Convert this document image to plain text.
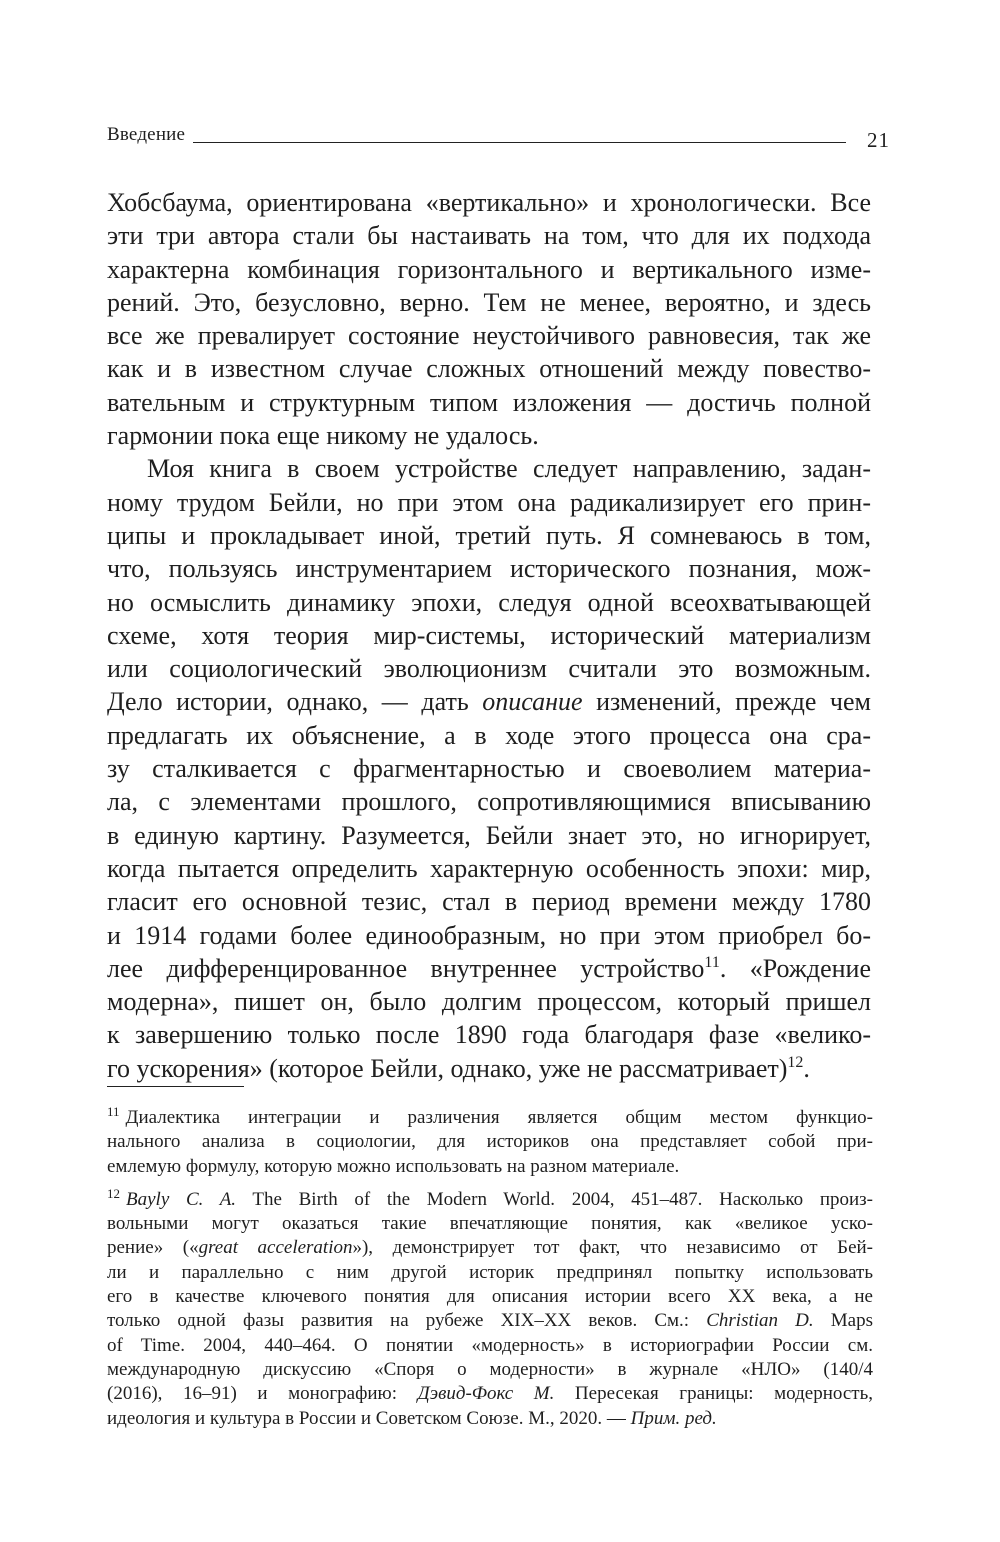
Введение	21

Хобсбаума, ориентирована «вертикально» и хронологически. Все
эти три автора стали бы настаивать на том, что для их подхода
характерна комбинация горизонтального и вертикального изме-
рений. Это, безусловно, верно. Тем не менее, вероятно, и здесь
все же превалирует состояние неустойчивого равновесия, так же
как и в известном случае сложных отношений между повество-
вательным и структурным типом изложения — достичь полной
гармонии пока еще никому не удалось.

Моя книга в своем устройстве следует направлению, задан-
ному трудом Бейли, но при этом она радикализирует его прин-
ципы и прокладывает иной, третий путь. Я сомневаюсь в том,
что, пользуясь инструментарием исторического познания, мож-
но осмыслить динамику эпохи, следуя одной всеохватывающей
схеме, хотя теория мир-системы, исторический материализм
или социологический эволюционизм считали это возможным.
Дело истории, однако, — дать описание изменений, прежде чем
предлагать их объяснение, а в ходе этого процесса она сра-
зу сталкивается с фрагментарностью и своеволием материа-
ла, с элементами прошлого, сопротивляющимися вписыванию
в единую картину. Разумеется, Бейли знает это, но игнорирует,
когда пытается определить характерную особенность эпохи: мир,
гласит его основной тезис, стал в период времени между 1780
и 1914 годами более единообразным, но при этом приобрел бо-
лее дифференцированное внутреннее устройство$^{11}$. «Рождение
модерна», пишет он, было долгим процессом, который пришел
к завершению только после 1890 года благодаря фазе «велико-
го ускорения» (которое Бейли, однако, уже не рассматривает)$^{12}$.

$^{11}$ Диалектика интеграции и различения является общим местом функцио-
нального анализа в социологии, для историков она представляет собой при-
емлемую формулу, которую можно использовать на разном материале.
$^{12}$ Bayly C. A. The Birth of the Modern World. 2004, 451–487. Насколько произ-
вольными могут оказаться такие впечатляющие понятия, как «великое уско-
рение» («great acceleration»), демонстрирует тот факт, что независимо от Бей-
ли и параллельно с ним другой историк предпринял попытку использовать
его в качестве ключевого понятия для описания истории всего XX века, а не
только одной фазы развития на рубеже XIX–XX веков. См.: Christian D. Maps
of Time. 2004, 440–464. О понятии «модерность» в историографии России см.
международную дискуссию «Споря о модерности» в журнале «НЛО» (140/4
(2016), 16–91) и монографию: Дэвид-Фокс М. Пересекая границы: модерность,
идеология и культура в России и Советском Союзе. М., 2020. — Прим. ред.
